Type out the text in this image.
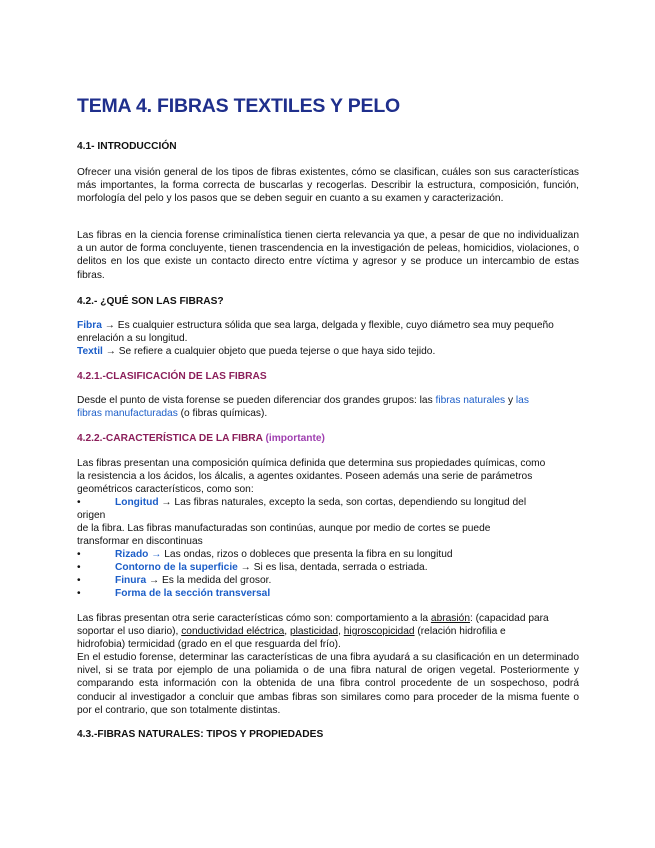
TEMA 4. FIBRAS TEXTILES Y PELO
4.1- INTRODUCCIÓN
Ofrecer una visión general de los tipos de fibras existentes, cómo se clasifican, cuáles son sus características más importantes, la forma correcta de buscarlas y recogerlas. Describir la estructura, composición, función, morfología del pelo y los pasos que se deben seguir en cuanto a su examen y caracterización.
Las fibras en la ciencia forense criminalística tienen cierta relevancia ya que, a pesar de que no individualizan a un autor de forma concluyente, tienen trascendencia en la investigación de peleas, homicidios, violaciones, o delitos en los que existe un contacto directo entre víctima y agresor y se produce un intercambio de estas fibras.
4.2.- ¿QUÉ SON LAS FIBRAS?
Fibra → Es cualquier estructura sólida que sea larga, delgada y flexible, cuyo diámetro sea muy pequeño
enrelación a su longitud.
Textil → Se refiere a cualquier objeto que pueda tejerse o que haya sido tejido.
4.2.1.-CLASIFICACIÓN DE LAS FIBRAS
Desde el punto de vista forense se pueden diferenciar dos grandes grupos: las fibras naturales y las
fibras manufacturadas (o fibras químicas).
4.2.2.-CARACTERÍSTICA DE LA FIBRA (importante)
Las fibras presentan una composición química definida que determina sus propiedades químicas, como
la resistencia a los ácidos, los álcalis, a agentes oxidantes. Poseen además una serie de parámetros
geométricos característicos, como son:
•	Longitud → Las fibras naturales, excepto la seda, son cortas, dependiendo su longitud del
origen
de la fibra. Las fibras manufacturadas son continúas, aunque por medio de cortes se puede
transformar en discontinuas
•	Rizado → Las ondas, rizos o dobleces que presenta la fibra en su longitud
•	Contorno de la superficie → Si es lisa, dentada, serrada o estriada.
•	Finura → Es la medida del grosor.
•	Forma de la sección transversal
Las fibras presentan otra serie características cómo son: comportamiento a la abrasión: (capacidad para
soportar el uso diario), conductividad eléctrica, plasticidad, higroscopicidad (relación hidrofilia e
hidrofobia) termicidad (grado en el que resguarda del frío).
En el estudio forense, determinar las características de una fibra ayudará a su clasificación en un determinado nivel, si se trata por ejemplo de una poliamida o de una fibra natural de origen vegetal. Posteriormente y comparando esta información con la obtenida de una fibra control procedente de un sospechoso, podrá conducir al investigador a concluir que ambas fibras son similares como para proceder de la misma fuente o por el contrario, que son totalmente distintas.
4.3.-FIBRAS NATURALES: TIPOS Y PROPIEDADES
